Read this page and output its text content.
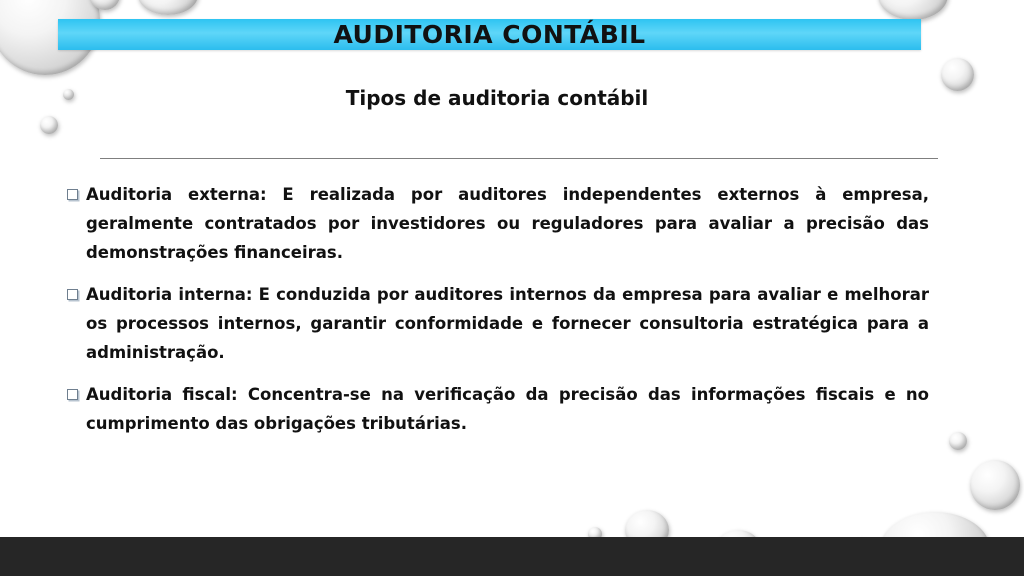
AUDITORIA CONTÁBIL
Tipos de auditoria contábil
Auditoria externa: E realizada por auditores independentes externos à empresa, geralmente contratados por investidores ou reguladores para avaliar a precisão das demonstrações financeiras.
Auditoria interna: E conduzida por auditores internos da empresa para avaliar e melhorar os processos internos, garantir conformidade e fornecer consultoria estratégica para a administração.
Auditoria fiscal: Concentra-se na verificação da precisão das informações fiscais e no cumprimento das obrigações tributárias.
